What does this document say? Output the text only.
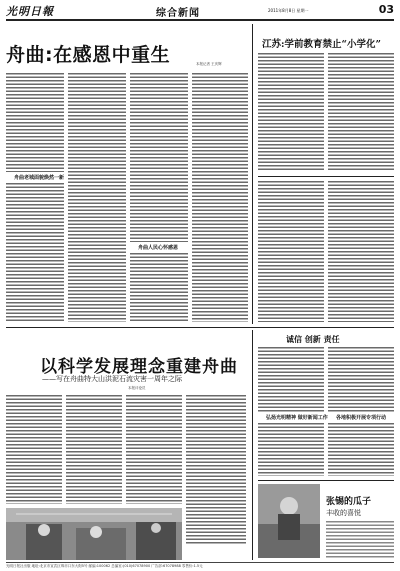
光明日報	综合新闻	2011年8月8日 星期一	03
舟曲:在感恩中重生	本报记者 王庆辉
舟曲老城面貌焕然一新
舟曲人民心怀感恩
江苏:学前教育禁止“小学化”
以科学发展理念重建舟曲
——写在舟曲特大山洪泥石流灾害一周年之际
本报评论员
诚信 创新 责任
弘扬光明精神 做好新闻工作 各地积极开展专项行动
张锡的瓜子
丰收的喜悦
光明日报社出版 地址:北京市宣武区珠市口东大街5号 邮编:100062 总编室:(010)67078900 广告部:67078988 零售价:1.5元
